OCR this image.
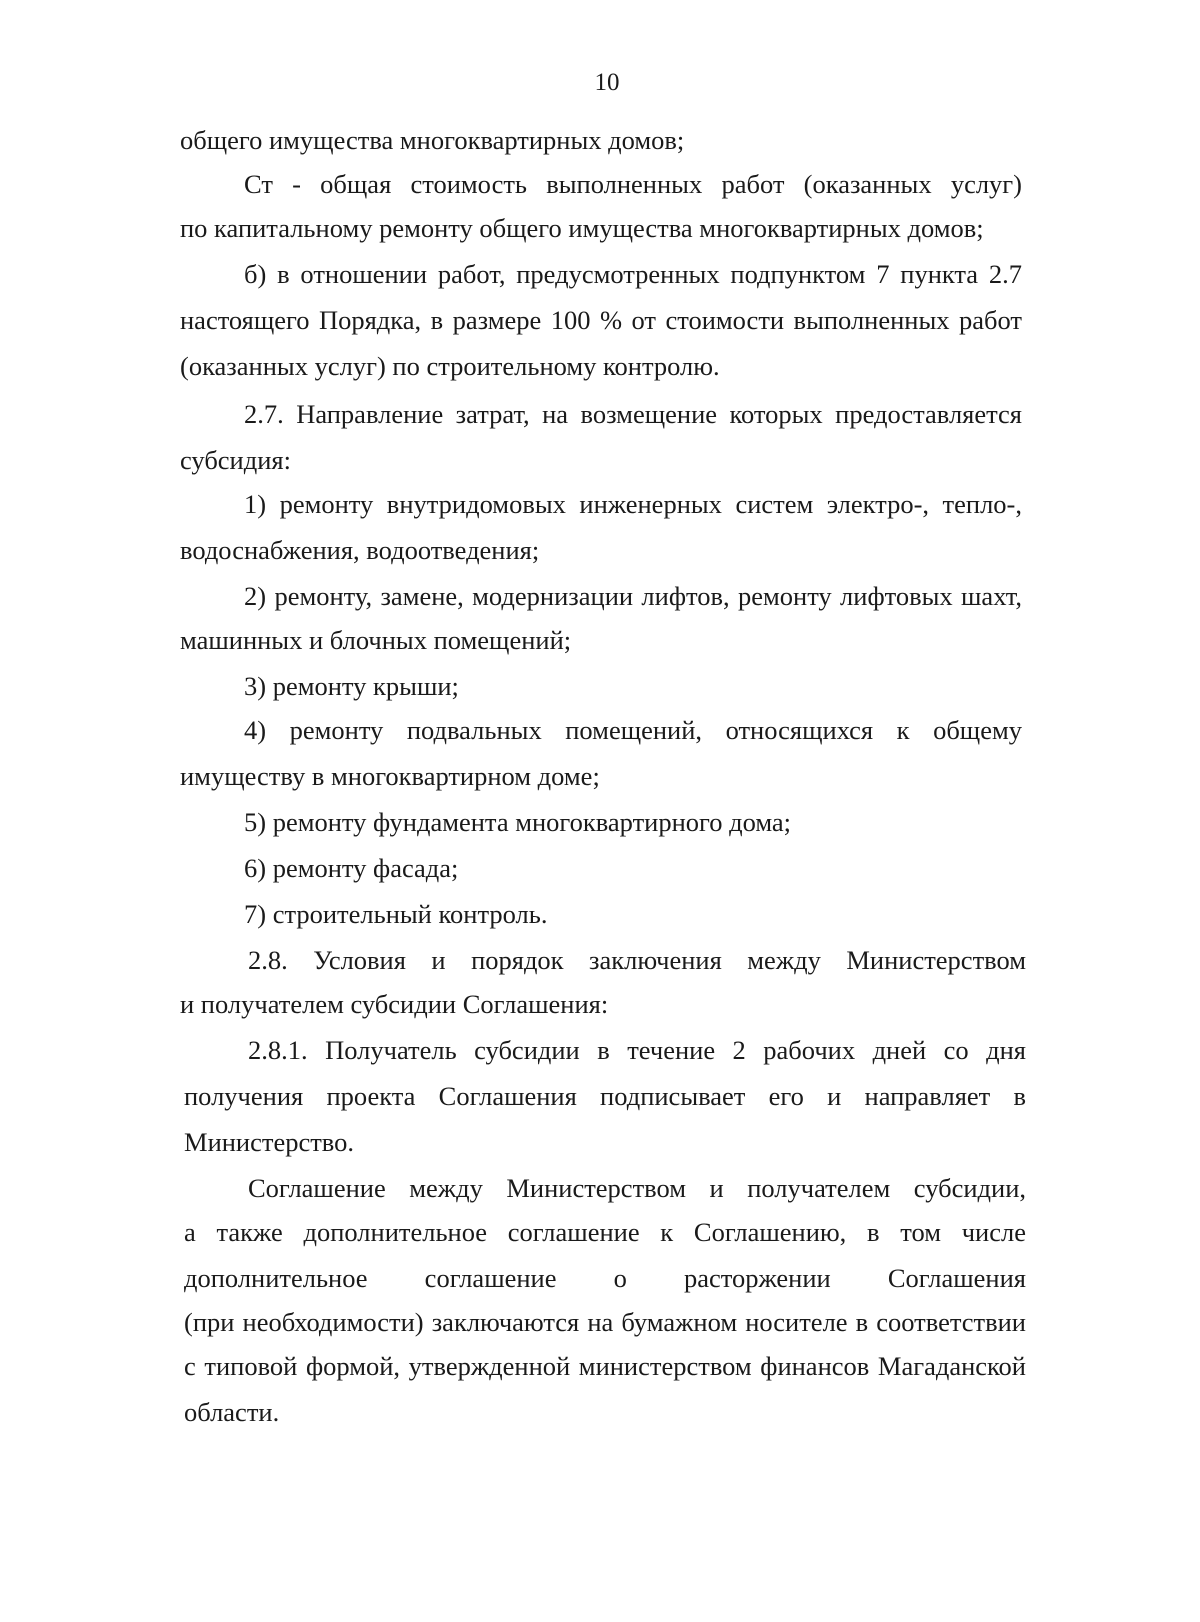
10
общего имущества многоквартирных домов;
Ст - общая стоимость выполненных работ (оказанных услуг)
по капитальному ремонту общего имущества многоквартирных домов;
б) в отношении работ, предусмотренных подпунктом 7 пункта 2.7
настоящего Порядка, в размере 100 % от стоимости выполненных работ
(оказанных услуг) по строительному контролю.
2.7. Направление затрат, на возмещение которых предоставляется
субсидия:
1) ремонту внутридомовых инженерных систем электро-, тепло-,
водоснабжения, водоотведения;
2) ремонту, замене, модернизации лифтов, ремонту лифтовых шахт,
машинных и блочных помещений;
3) ремонту крыши;
4) ремонту подвальных помещений, относящихся к общему
имуществу в многоквартирном доме;
5) ремонту фундамента многоквартирного дома;
6) ремонту фасада;
7) строительный контроль.
2.8. Условия и порядок заключения между Министерством
и получателем субсидии Соглашения:
2.8.1. Получатель субсидии в течение 2 рабочих дней со дня
получения проекта Соглашения подписывает его и направляет в
Министерство.
Соглашение между Министерством и получателем субсидии,
а также дополнительное соглашение к Соглашению, в том числе
дополнительное соглашение о расторжении Соглашения
(при необходимости) заключаются на бумажном носителе в соответствии
с типовой формой, утвержденной министерством финансов Магаданской
области.
